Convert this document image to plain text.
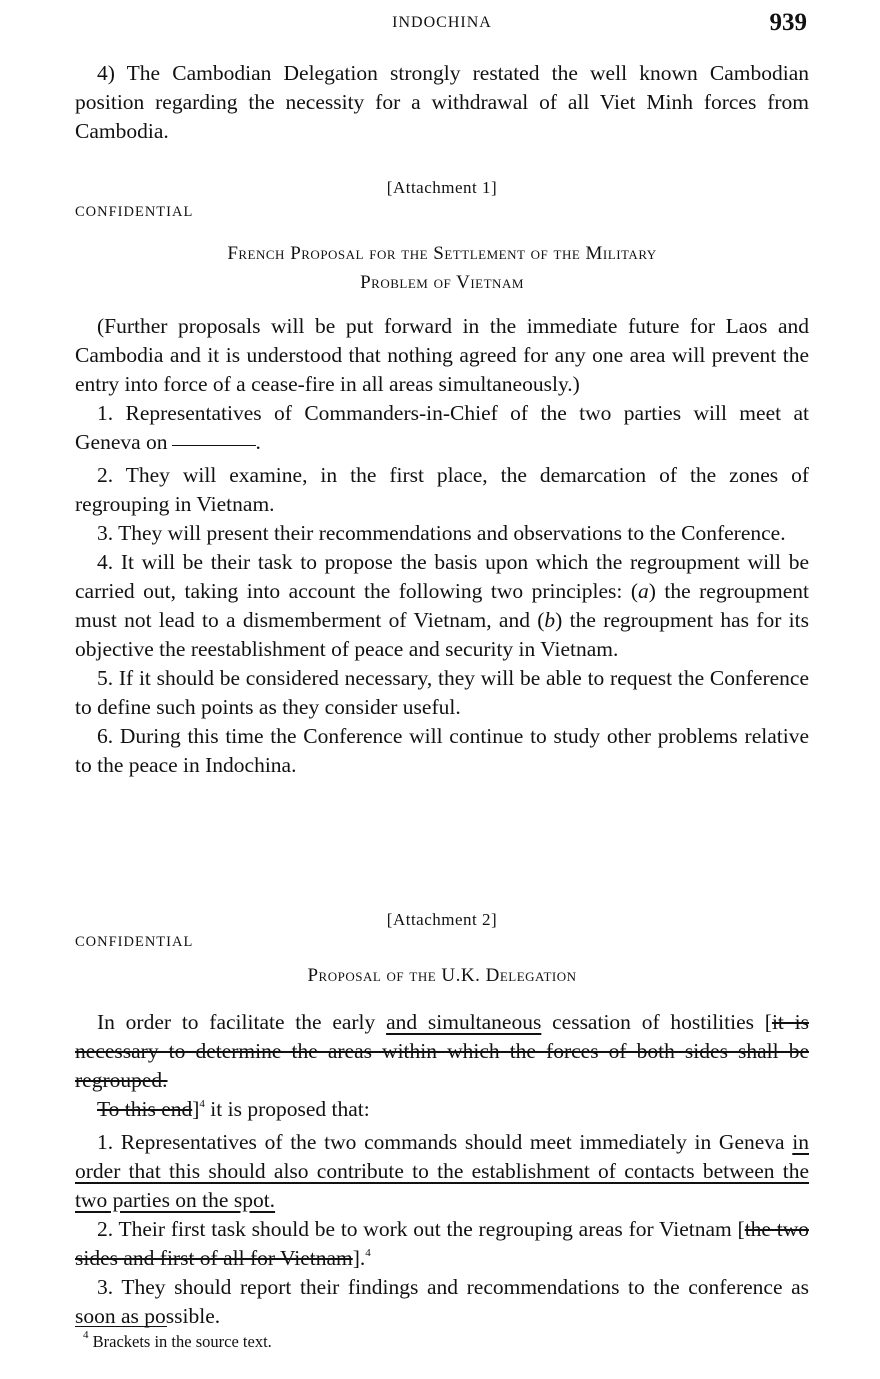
INDOCHINA	939

4) The Cambodian Delegation strongly restated the well known Cambodian position regarding the necessity for a withdrawal of all Viet Minh forces from Cambodia.

[Attachment 1]
CONFIDENTIAL
French Proposal for the Settlement of the Military
Problem of Vietnam

(Further proposals will be put forward in the immediate future for Laos and Cambodia and it is understood that nothing agreed for any one area will prevent the entry into force of a cease-fire in all areas simultaneously.)

1. Representatives of Commanders-in-Chief of the two parties will meet at Geneva on	.

2. They will examine, in the first place, the demarcation of the zones of regrouping in Vietnam.

3. They will present their recommendations and observations to the Conference.

4. It will be their task to propose the basis upon which the regroupment will be carried out, taking into account the following two principles: (a) the regroupment must not lead to a dismemberment of Vietnam, and (b) the regroupment has for its objective the reestablishment of peace and security in Vietnam.

5. If it should be considered necessary, they will be able to request the Conference to define such points as they consider useful.

6. During this time the Conference will continue to study other problems relative to the peace in Indochina.

[Attachment 2]
CONFIDENTIAL
Proposal of the U.K. Delegation

In order to facilitate the early and simultaneous cessation of hostilities [it is necessary to determine the areas within which the forces of both sides shall be regrouped.

To this end]$^4$ it is proposed that:

1. Representatives of the two commands should meet immediately in Geneva in order that this should also contribute to the establishment of contacts between the two parties on the spot.

2. Their first task should be to work out the regrouping areas for Vietnam [the two sides and first of all for Vietnam].$^4$

3. They should report their findings and recommendations to the conference as soon as possible.

$^4$ Brackets in the source text.
